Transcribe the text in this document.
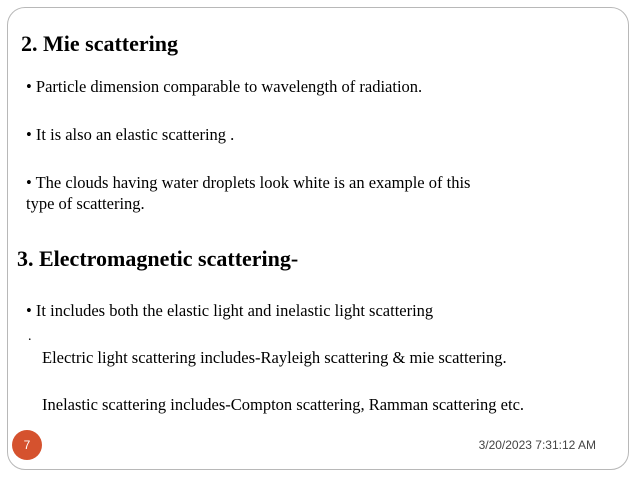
2. Mie scattering
• Particle dimension comparable to wavelength of radiation.
• It is also an elastic scattering .
• The clouds having water droplets look white is an example of this
type of scattering.
3. Electromagnetic scattering-
• It includes both the elastic light and inelastic light scattering
.
Electric light scattering includes-Rayleigh scattering & mie scattering.
Inelastic scattering includes-Compton scattering, Ramman scattering etc.
7	3/20/2023 7:31:12 AM
